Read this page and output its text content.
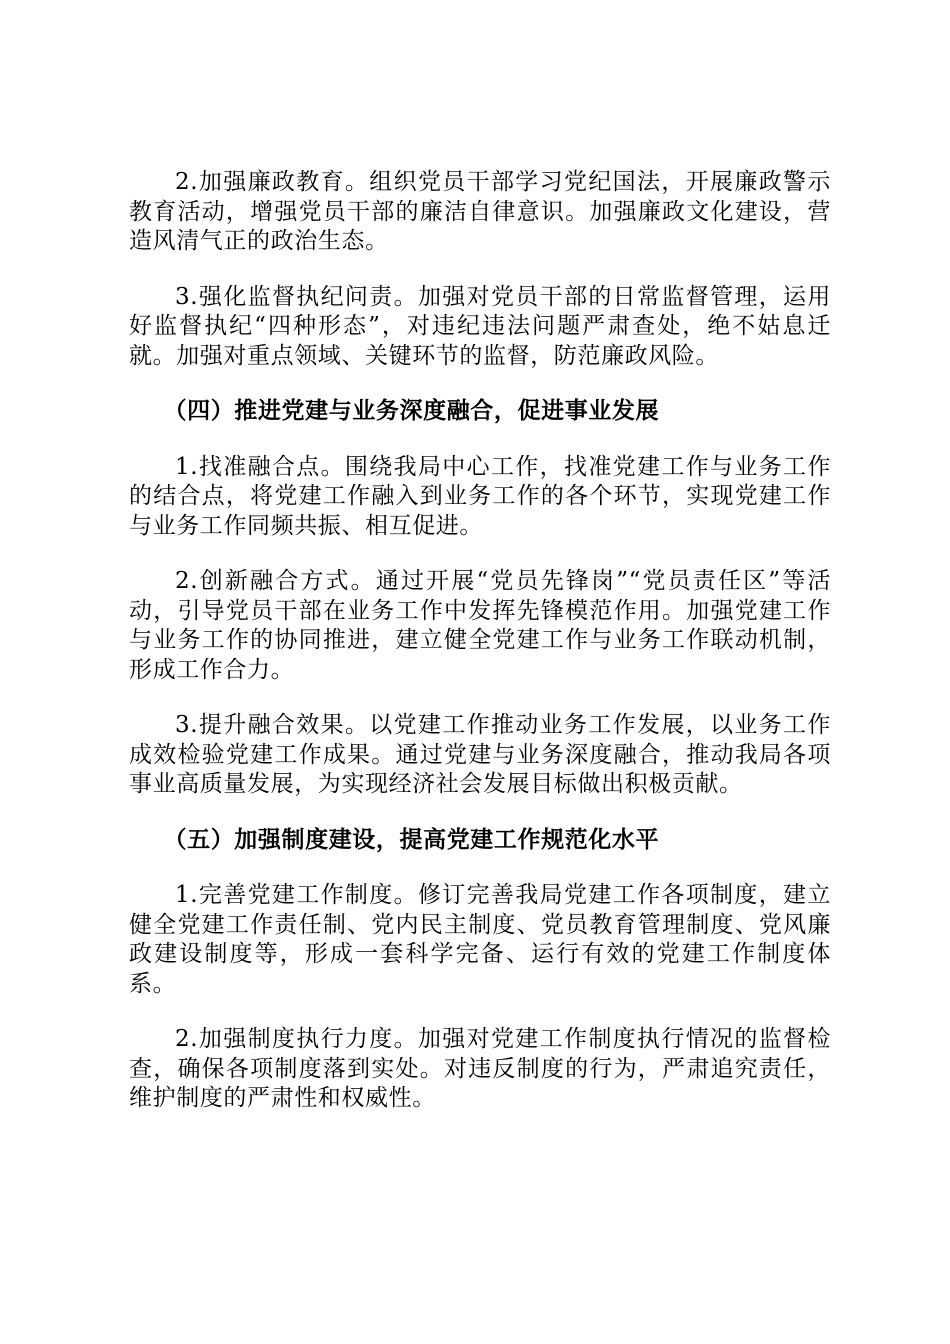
2.加强廉政教育。组织党员干部学习党纪国法，开展廉政警示教育活动，增强党员干部的廉洁自律意识。加强廉政文化建设，营造风清气正的政治生态。

3.强化监督执纪问责。加强对党员干部的日常监督管理，运用好监督执纪“四种形态”，对违纪违法问题严肃查处，绝不姑息迁就。加强对重点领域、关键环节的监督，防范廉政风险。

（四）推进党建与业务深度融合，促进事业发展

1.找准融合点。围绕我局中心工作，找准党建工作与业务工作的结合点，将党建工作融入到业务工作的各个环节，实现党建工作与业务工作同频共振、相互促进。

2.创新融合方式。通过开展“党员先锋岗”“党员责任区”等活动，引导党员干部在业务工作中发挥先锋模范作用。加强党建工作与业务工作的协同推进，建立健全党建工作与业务工作联动机制，形成工作合力。

3.提升融合效果。以党建工作推动业务工作发展，以业务工作成效检验党建工作成果。通过党建与业务深度融合，推动我局各项事业高质量发展，为实现经济社会发展目标做出积极贡献。

（五）加强制度建设，提高党建工作规范化水平

1.完善党建工作制度。修订完善我局党建工作各项制度，建立健全党建工作责任制、党内民主制度、党员教育管理制度、党风廉政建设制度等，形成一套科学完备、运行有效的党建工作制度体系。

2.加强制度执行力度。加强对党建工作制度执行情况的监督检查，确保各项制度落到实处。对违反制度的行为，严肃追究责任，维护制度的严肃性和权威性。
